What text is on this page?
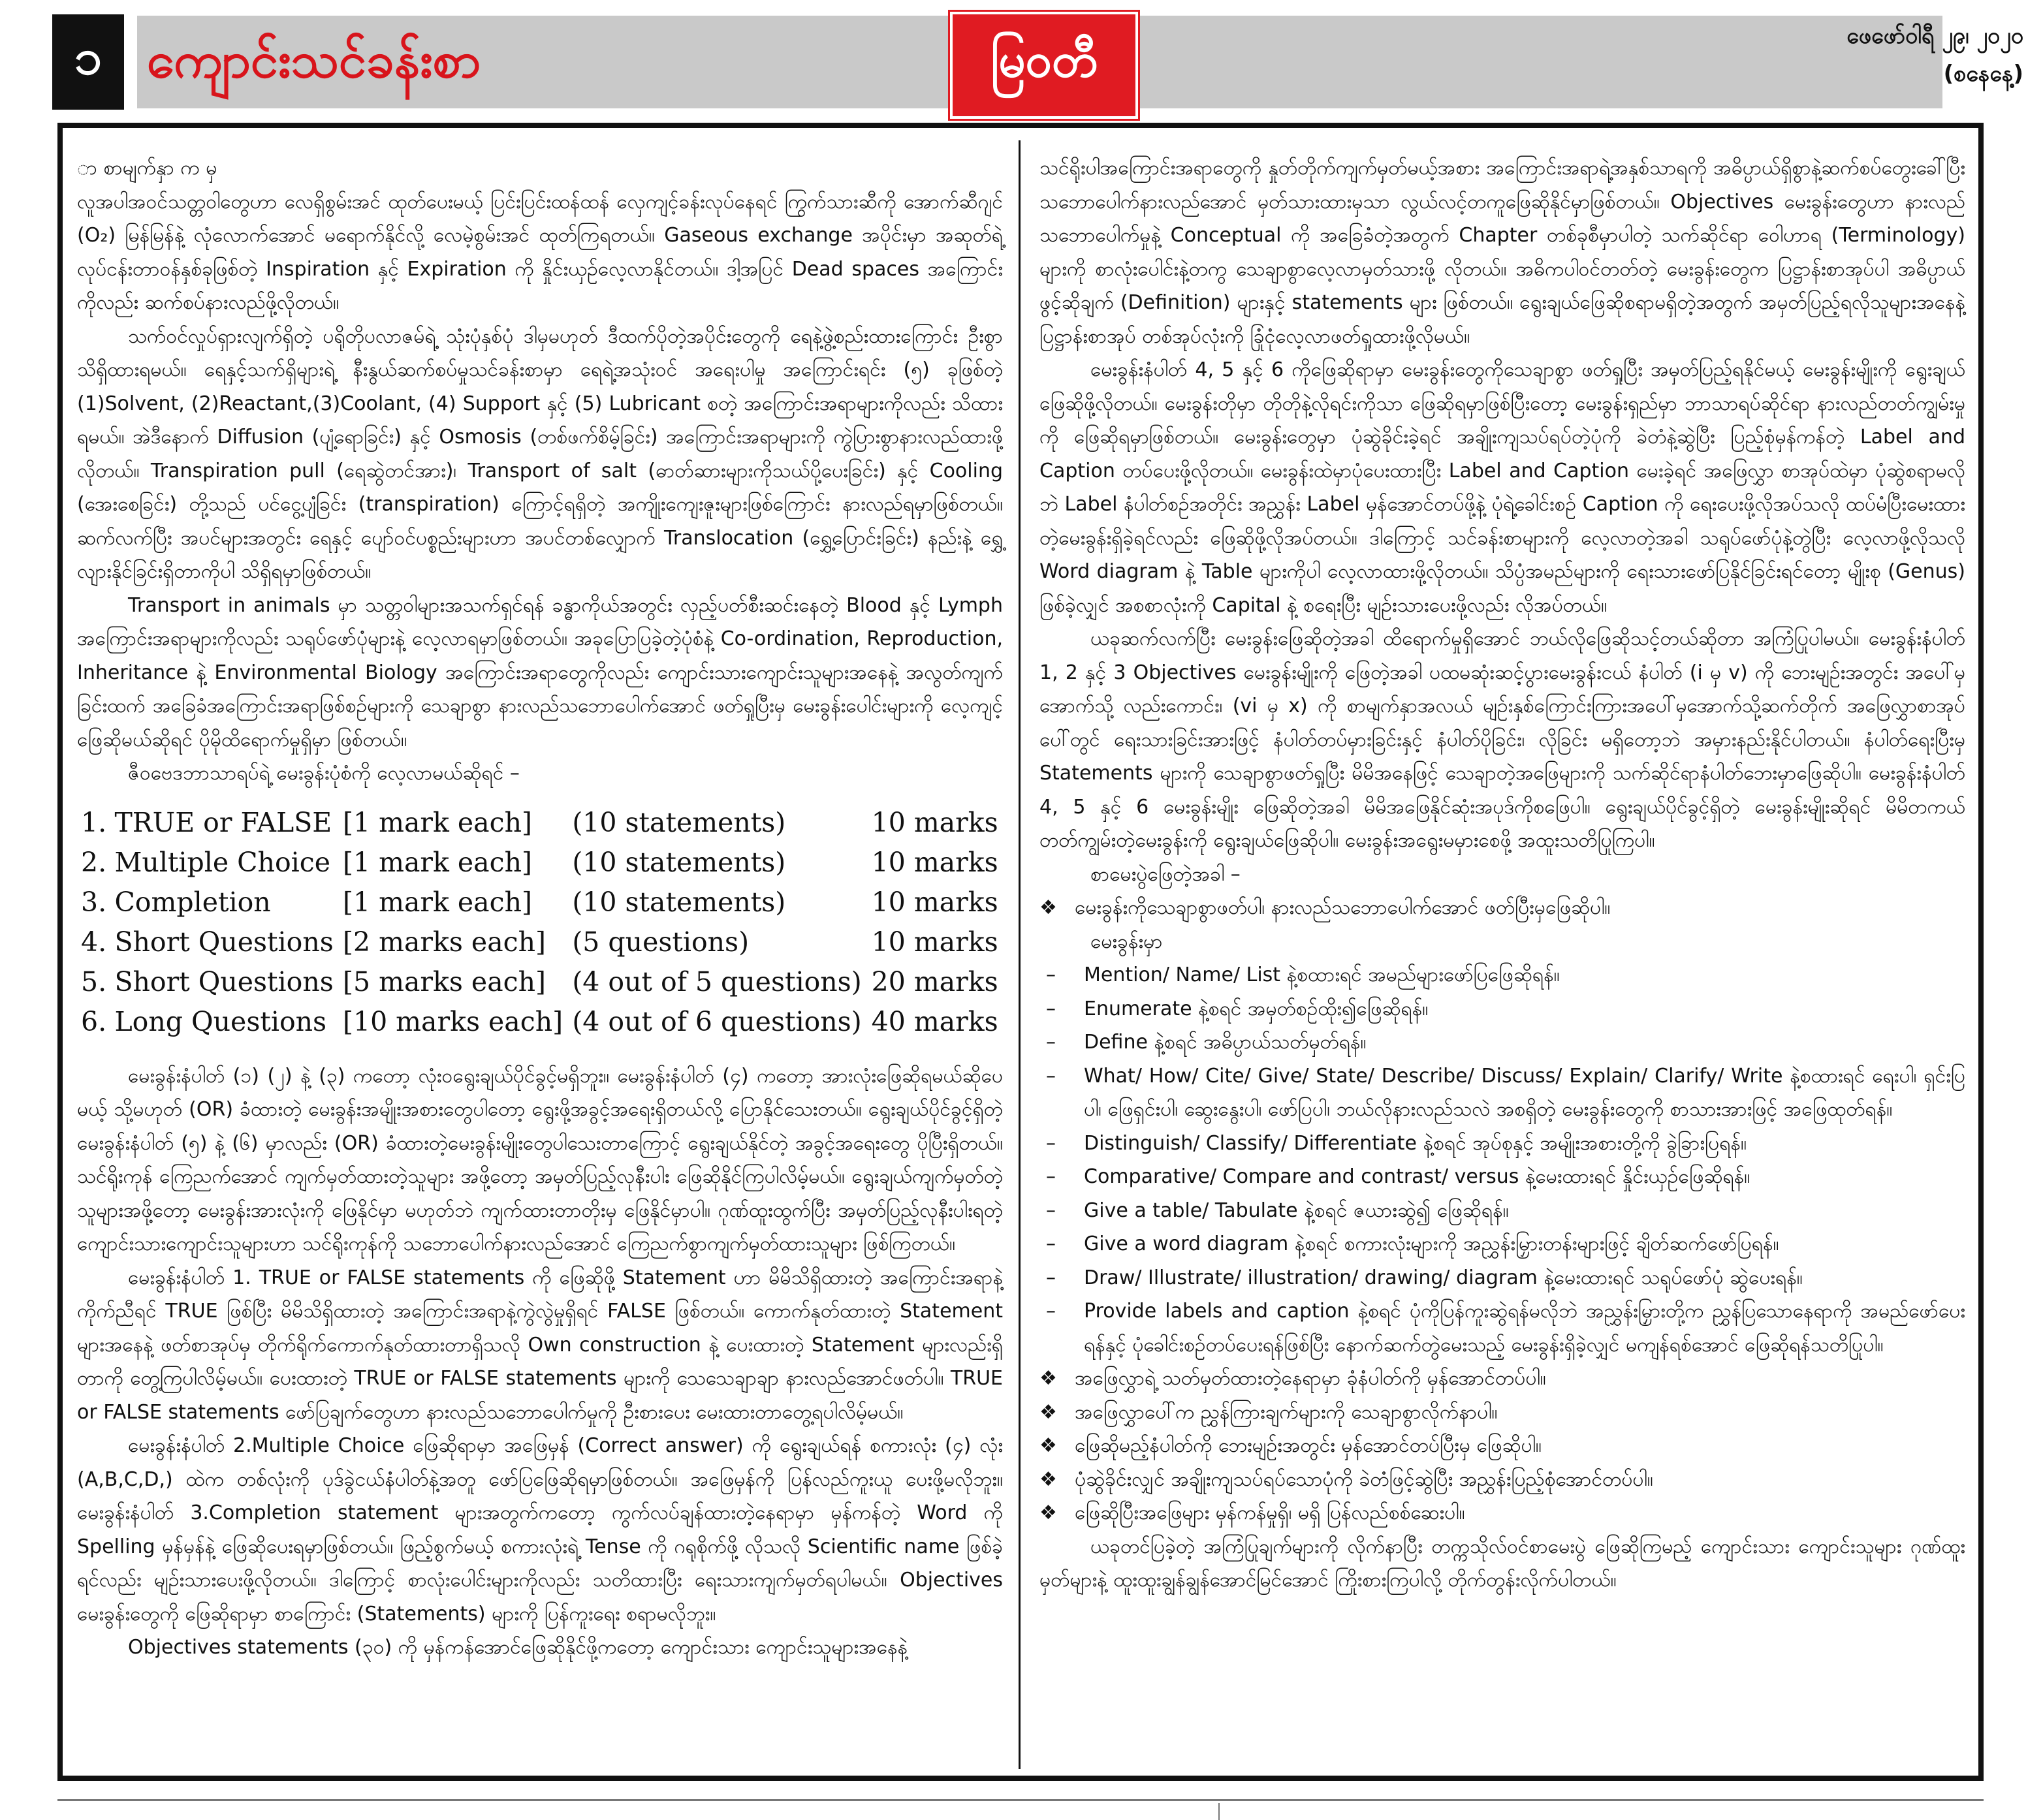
၁ ကျောင်းသင်ခန်းစာ	မြဝတီ	ဖေဖော်ဝါရီ ၂၉၊ ၂၀၂၀
(စနေနေ့)

ာ စာမျက်နှာ က မှ

လူအပါအဝင်သတ္တဝါတွေဟာ လေရှိစွမ်းအင် ထုတ်ပေးမယ့် ပြင်းပြင်းထန်ထန် လှေကျင့်ခန်းလုပ်နေရင် ကြွက်သားဆီကို အောက်ဆီဂျင် (O₂) မြန်မြန်နဲ့ လုံလောက်အောင် မရောက်နိုင်လို့ လေမဲ့စွမ်းအင် ထုတ်ကြရတယ်။ Gaseous exchange အပိုင်းမှာ အဆုတ်ရဲ့လုပ်ငန်းတာဝန်နှစ်ခုဖြစ်တဲ့ Inspiration နှင့် Expiration ကို နှိုင်းယှဉ်လေ့လာနိုင်တယ်။ ဒါ့အပြင် Dead spaces အကြောင်းကိုလည်း ဆက်စပ်နားလည်ဖို့လိုတယ်။

သက်ဝင်လှုပ်ရှားလျက်ရှိတဲ့ ပရိုတိုပလာဇမ်ရဲ့ သုံးပုံနှစ်ပုံ ဒါမှမဟုတ် ဒီထက်ပိုတဲ့အပိုင်းတွေကို ရေနဲ့ဖွဲ့စည်းထားကြောင်း ဦးစွာသိရှိထားရမယ်။ ရေနှင့်သက်ရှိများရဲ့ နီးနွယ်ဆက်စပ်မှုသင်ခန်းစာမှာ ရေရဲ့အသုံးဝင် အရေးပါမှု အကြောင်းရင်း (၅) ခုဖြစ်တဲ့ (1)Solvent, (2)Reactant,(3)Coolant, (4) Support နှင့် (5) Lubricant စတဲ့ အကြောင်းအရာများကိုလည်း သိထားရမယ်။ အဲဒီနောက် Diffusion (ပျံ့ရောခြင်း) နှင့် Osmosis (တစ်ဖက်စိမ့်ခြင်း) အကြောင်းအရာများကို ကွဲပြားစွာနားလည်ထားဖို့လိုတယ်။ Transpiration pull (ရေဆွဲတင်အား)၊ Transport of salt (ဓာတ်ဆားများကိုသယ်ပို့ပေးခြင်း) နှင့် Cooling (အေးစေခြင်း) တို့သည် ပင်ငွေ့ပျံခြင်း (transpiration) ကြောင့်ရရှိတဲ့ အကျိုးကျေးဇူးများဖြစ်ကြောင်း နားလည်ရမှာဖြစ်တယ်။ ဆက်လက်ပြီး အပင်များအတွင်း ရေနှင့် ပျော်ဝင်ပစ္စည်းများဟာ အပင်တစ်လျှောက် Translocation (ရွှေ့ပြောင်းခြင်း) နည်းနဲ့ ရွှေ့လျားနိုင်ခြင်းရှိတာကိုပါ သိရှိရမှာဖြစ်တယ်။

Transport in animals မှာ သတ္တဝါများအသက်ရှင်ရန် ခန္ဓာကိုယ်အတွင်း လှည့်ပတ်စီးဆင်းနေတဲ့ Blood နှင့် Lymph အကြောင်းအရာများကိုလည်း သရုပ်ဖော်ပုံများနဲ့ လေ့လာရမှာဖြစ်တယ်။ အခုပြောပြခဲ့တဲ့ပုံစံနဲ့ Co-ordination, Reproduction, Inheritance နဲ့ Environmental Biology အကြောင်းအရာတွေကိုလည်း ကျောင်းသားကျောင်းသူများအနေနဲ့ အလွတ်ကျက်ခြင်းထက် အခြေခံအကြောင်းအရာဖြစ်စဉ်များကို သေချာစွာ နားလည်သဘောပေါက်အောင် ဖတ်ရှုပြီးမှ မေးခွန်းပေါင်းများကို လေ့ကျင့်ဖြေဆိုမယ်ဆိုရင် ပိုမိုထိရောက်မှုရှိမှာ ဖြစ်တယ်။

ဇီဝဗေဒဘာသာရပ်ရဲ့ မေးခွန်းပုံစံကို လေ့လာမယ်ဆိုရင် –

1.	TRUE or FALSE	[1 mark each]	(10 statements)	10 marks
2.	Multiple Choice	[1 mark each]	(10 statements)	10 marks
3.	Completion	[1 mark each]	(10 statements)	10 marks
4.	Short Questions	[2 marks each]	(5 questions)	10 marks
5.	Short Questions	[5 marks each]	(4 out of 5 questions)	20 marks
6.	Long Questions	[10 marks each]	(4 out of 6 questions)	40 marks

မေးခွန်းနံပါတ် (၁) (၂) နဲ့ (၃) ကတော့ လုံးဝရွေးချယ်ပိုင်ခွင့်မရှိဘူး။ မေးခွန်းနံပါတ် (၄) ကတော့ အားလုံးဖြေဆိုရမယ်ဆိုပေမယ့် သို့မဟုတ် (OR) ခံထားတဲ့ မေးခွန်းအမျိုးအစားတွေပါတော့ ရွေးဖို့အခွင့်အရေးရှိတယ်လို့ ပြောနိုင်သေးတယ်။ ရွေးချယ်ပိုင်ခွင့်ရှိတဲ့ မေးခွန်းနံပါတ် (၅) နဲ့ (၆) မှာလည်း (OR) ခံထားတဲ့မေးခွန်းမျိုးတွေပါသေးတာကြောင့် ရွေးချယ်နိုင်တဲ့ အခွင့်အရေးတွေ ပိုပြီးရှိတယ်။ သင်ရိုးကုန် ကြေညက်အောင် ကျက်မှတ်ထားတဲ့သူများ အဖို့တော့ အမှတ်ပြည့်လုနီးပါး ဖြေဆိုနိုင်ကြပါလိမ့်မယ်။ ရွေးချယ်ကျက်မှတ်တဲ့သူများအဖို့တော့ မေးခွန်းအားလုံးကို ဖြေနိုင်မှာ မဟုတ်ဘဲ ကျက်ထားတာတိုးမှ ဖြေနိုင်မှာပါ။ ဂုဏ်ထူးထွက်ပြီး အမှတ်ပြည့်လုနီးပါးရတဲ့ ကျောင်းသားကျောင်းသူများဟာ သင်ရိုးကုန်ကို သဘောပေါက်နားလည်အောင် ကြေညက်စွာကျက်မှတ်ထားသူများ ဖြစ်ကြတယ်။

မေးခွန်းနံပါတ် 1. TRUE or FALSE statements ကို ဖြေဆိုဖို့ Statement ဟာ မိမိသိရှိထားတဲ့ အကြောင်းအရာနဲ့ ကိုက်ညီရင် TRUE ဖြစ်ပြီး မိမိသိရှိထားတဲ့ အကြောင်းအရာနဲ့ကွဲလွဲမှုရှိရင် FALSE ဖြစ်တယ်။ ကောက်နုတ်ထားတဲ့ Statement များအနေနဲ့ ဖတ်စာအုပ်မှ တိုက်ရိုက်ကောက်နုတ်ထားတာရှိသလို Own construction နဲ့ ပေးထားတဲ့ Statement များလည်းရှိတာကို တွေ့ကြပါလိမ့်မယ်။ ပေးထားတဲ့ TRUE or FALSE statements များကို သေသေချာချာ နားလည်အောင်ဖတ်ပါ။ TRUE or FALSE statements ဖော်ပြချက်တွေဟာ နားလည်သဘောပေါက်မှုကို ဦးစားပေး မေးထားတာတွေ့ရပါလိမ့်မယ်။

မေးခွန်းနံပါတ် 2.Multiple Choice ဖြေဆိုရာမှာ အဖြေမှန် (Correct answer) ကို ရွေးချယ်ရန် စကားလုံး (၄) လုံး (A,B,C,D,) ထဲက တစ်လုံးကို ပုဒ်ခွဲငယ်နံပါတ်နဲ့အတူ ဖော်ပြဖြေဆိုရမှာဖြစ်တယ်။ အဖြေမှန်ကို ပြန်လည်ကူးယူ ပေးဖို့မလိုဘူး။ မေးခွန်းနံပါတ် 3.Completion statement များအတွက်ကတော့ ကွက်လပ်ချန်ထားတဲ့နေရာမှာ မှန်ကန်တဲ့ Word ကို Spelling မှန်မှန်နဲ့ ဖြေဆိုပေးရမှာဖြစ်တယ်။ ဖြည့်စွက်မယ့် စကားလုံးရဲ့ Tense ကို ဂရုစိုက်ဖို့ လိုသလို Scientific name ဖြစ်ခဲ့ရင်လည်း မျဉ်းသားပေးဖို့လိုတယ်။ ဒါကြောင့် စာလုံးပေါင်းများကိုလည်း သတိထားပြီး ရေးသားကျက်မှတ်ရပါမယ်။ Objectives မေးခွန်းတွေကို ဖြေဆိုရာမှာ စာကြောင်း (Statements) များကို ပြန်ကူးရေး စရာမလိုဘူး။

Objectives statements (၃၀) ကို မှန်ကန်အောင်ဖြေဆိုနိုင်ဖို့ကတော့ ကျောင်းသား ကျောင်းသူများအနေနဲ့

သင်ရိုးပါအကြောင်းအရာတွေကို နှုတ်တိုက်ကျက်မှတ်မယ့်အစား အကြောင်းအရာရဲ့အနှစ်သာရကို အဓိပ္ပာယ်ရှိစွာနဲ့ဆက်စပ်တွေးခေါ်ပြီး သဘောပေါက်နားလည်အောင် မှတ်သားထားမှသာ လွယ်လင့်တကူဖြေဆိုနိုင်မှာဖြစ်တယ်။ Objectives မေးခွန်းတွေဟာ နားလည် သဘောပေါက်မှုနဲ့ Conceptual ကို အခြေခံတဲ့အတွက် Chapter တစ်ခုစီမှာပါတဲ့ သက်ဆိုင်ရာ ဝေါဟာရ (Terminology) များကို စာလုံးပေါင်းနဲ့တကွ သေချာစွာလေ့လာမှတ်သားဖို့ လိုတယ်။ အဓိကပါဝင်တတ်တဲ့ မေးခွန်းတွေက ပြဋ္ဌာန်းစာအုပ်ပါ အဓိပ္ပာယ်ဖွင့်ဆိုချက် (Definition) များနှင့် statements များ ဖြစ်တယ်။ ရွေးချယ်ဖြေဆိုစရာမရှိတဲ့အတွက် အမှတ်ပြည့်ရလိုသူများအနေနဲ့ ပြဋ္ဌာန်းစာအုပ် တစ်အုပ်လုံးကို ခြုံငုံလေ့လာဖတ်ရှုထားဖို့လိုမယ်။

မေးခွန်းနံပါတ် 4, 5 နှင့် 6 ကိုဖြေဆိုရာမှာ မေးခွန်းတွေကိုသေချာစွာ ဖတ်ရှုပြီး အမှတ်ပြည့်ရနိုင်မယ့် မေးခွန်းမျိုးကို ရွေးချယ်ဖြေဆိုဖို့လိုတယ်။ မေးခွန်းတိုမှာ တိုတိုနဲ့လိုရင်းကိုသာ ဖြေဆိုရမှာဖြစ်ပြီးတော့ မေးခွန်းရှည်မှာ ဘာသာရပ်ဆိုင်ရာ နားလည်တတ်ကျွမ်းမှုကို ဖြေဆိုရမှာဖြစ်တယ်။ မေးခွန်းတွေမှာ ပုံဆွဲခိုင်းခဲ့ရင် အချိုးကျသပ်ရပ်တဲ့ပုံကို ခဲတံနဲ့ဆွဲပြီး ပြည့်စုံမှန်ကန်တဲ့ Label and Caption တပ်ပေးဖို့လိုတယ်။ မေးခွန်းထဲမှာပုံပေးထားပြီး Label and Caption မေးခဲ့ရင် အဖြေလွှာ စာအုပ်ထဲမှာ ပုံဆွဲစရာမလိုဘဲ Label နံပါတ်စဉ်အတိုင်း အညွှန်း Label မှန်အောင်တပ်ဖို့နဲ့ ပုံရဲ့ခေါင်းစဉ် Caption ကို ရေးပေးဖို့လိုအပ်သလို ထပ်မံပြီးမေးထားတဲ့မေးခွန်းရှိခဲ့ရင်လည်း ဖြေဆိုဖို့လိုအပ်တယ်။ ဒါကြောင့် သင်ခန်းစာများကို လေ့လာတဲ့အခါ သရုပ်ဖော်ပုံနဲ့တွဲပြီး လေ့လာဖို့လိုသလို Word diagram နဲ့ Table များကိုပါ လေ့လာထားဖို့လိုတယ်။ သိပ္ပံအမည်များကို ရေးသားဖော်ပြနိုင်ခြင်းရင်တော့ မျိုးစု (Genus) ဖြစ်ခဲ့လျှင် အစစာလုံးကို Capital နဲ့ စရေးပြီး မျဉ်းသားပေးဖို့လည်း လိုအပ်တယ်။

ယခုဆက်လက်ပြီး မေးခွန်းဖြေဆိုတဲ့အခါ ထိရောက်မှုရှိအောင် ဘယ်လိုဖြေဆိုသင့်တယ်ဆိုတာ အကြံပြုပါမယ်။ မေးခွန်းနံပါတ် 1, 2 နှင့် 3 Objectives မေးခွန်းမျိုးကို ဖြေတဲ့အခါ ပထမဆုံးဆင့်ပွားမေးခွန်းငယ် နံပါတ် (i မှ v) ကို ဘေးမျဉ်းအတွင်း အပေါ်မှအောက်သို့ လည်းကောင်း၊ (vi မှ x) ကို စာမျက်နှာအလယ် မျဉ်းနှစ်ကြောင်းကြားအပေါ်မှအောက်သို့ဆက်တိုက် အဖြေလွှာစာအုပ်ပေါ်တွင် ရေးသားခြင်းအားဖြင့် နံပါတ်တပ်မှားခြင်းနှင့် နံပါတ်ပိုခြင်း၊ လိုခြင်း မရှိတော့ဘဲ အမှားနည်းနိုင်ပါတယ်။ နံပါတ်ရေးပြီးမှ Statements များကို သေချာစွာဖတ်ရှုပြီး မိမိအနေဖြင့် သေချာတဲ့အဖြေများကို သက်ဆိုင်ရာနံပါတ်ဘေးမှာဖြေဆိုပါ။ မေးခွန်းနံပါတ် 4, 5 နှင့် 6 မေးခွန်းမျိုး ဖြေဆိုတဲ့အခါ မိမိအဖြေနိုင်ဆုံးအပုဒ်ကိုစဖြေပါ။ ရွေးချယ်ပိုင်ခွင့်ရှိတဲ့ မေးခွန်းမျိုးဆိုရင် မိမိတကယ် တတ်ကျွမ်းတဲ့မေးခွန်းကို ရွေးချယ်ဖြေဆိုပါ။ မေးခွန်းအရွေးမမှားစေဖို့ အထူးသတိပြုကြပါ။

စာမေးပွဲဖြေတဲ့အခါ –

❖ မေးခွန်းကိုသေချာစွာဖတ်ပါ၊ နားလည်သဘောပေါက်အောင် ဖတ်ပြီးမှဖြေဆိုပါ။

မေးခွန်းမှာ

–	Mention/ Name/ List နဲ့စထားရင် အမည်များဖော်ပြဖြေဆိုရန်။
–	Enumerate နဲ့စရင် အမှတ်စဉ်ထိုး၍ဖြေဆိုရန်။
–	Define နဲ့စရင် အဓိပ္ပာယ်သတ်မှတ်ရန်။
–	What/ How/ Cite/ Give/ State/ Describe/ Discuss/ Explain/ Clarify/ Write နဲ့စထားရင် ရေးပါ၊ ရှင်းပြပါ၊ ဖြေရှင်းပါ၊ ဆွေးနွေးပါ၊ ဖော်ပြပါ၊ ဘယ်လိုနားလည်သလဲ အစရှိတဲ့ မေးခွန်းတွေကို စာသားအားဖြင့် အဖြေထုတ်ရန်။
–	Distinguish/ Classify/ Differentiate နဲ့စရင် အုပ်စုနှင့် အမျိုးအစားတို့ကို ခွဲခြားပြရန်။
–	Comparative/ Compare and contrast/ versus နဲ့မေးထားရင် နှိုင်းယှဉ်ဖြေဆိုရန်။
–	Give a table/ Tabulate နဲ့စရင် ဇယားဆွဲ၍ ဖြေဆိုရန်။
–	Give a word diagram နဲ့စရင် စကားလုံးများကို အညွှန်းမြှားတန်းများဖြင့် ချိတ်ဆက်ဖော်ပြရန်။
–	Draw/ Illustrate/ illustration/ drawing/ diagram နဲ့မေးထားရင် သရုပ်ဖော်ပုံ ဆွဲပေးရန်။
–	Provide labels and caption နဲ့စရင် ပုံကိုပြန်ကူးဆွဲရန်မလိုဘဲ အညွှန်းမြှားတို့က ညွှန်ပြသောနေရာကို အမည်ဖော်ပေးရန်နှင့် ပုံခေါင်းစဉ်တပ်ပေးရန်ဖြစ်ပြီး နောက်ဆက်တွဲမေးသည့် မေးခွန်းရှိခဲ့လျှင် မကျန်ရစ်အောင် ဖြေဆိုရန်သတိပြုပါ။
❖ အဖြေလွှာရဲ့ သတ်မှတ်ထားတဲ့နေရာမှာ ခုံနံပါတ်ကို မှန်အောင်တပ်ပါ။
❖ အဖြေလွှာပေါ်က ညွှန်ကြားချက်များကို သေချာစွာလိုက်နာပါ။
❖ ဖြေဆိုမည့်နံပါတ်ကို ဘေးမျဉ်းအတွင်း မှန်အောင်တပ်ပြီးမှ ဖြေဆိုပါ။
❖ ပုံဆွဲခိုင်းလျှင် အချိုးကျသပ်ရပ်သောပုံကို ခဲတံဖြင့်ဆွဲပြီး အညွှန်းပြည့်စုံအောင်တပ်ပါ။
❖ ဖြေဆိုပြီးအဖြေများ မှန်ကန်မှုရှိ၊ မရှိ ပြန်လည်စစ်ဆေးပါ။

ယခုတင်ပြခဲ့တဲ့ အကြံပြုချက်များကို လိုက်နာပြီး တက္ကသိုလ်ဝင်စာမေးပွဲ ဖြေဆိုကြမည့် ကျောင်းသား ကျောင်းသူများ ဂုဏ်ထူးမှတ်များနဲ့ ထူးထူးချွန်ချွန်အောင်မြင်အောင် ကြိုးစားကြပါလို့ တိုက်တွန်းလိုက်ပါတယ်။
